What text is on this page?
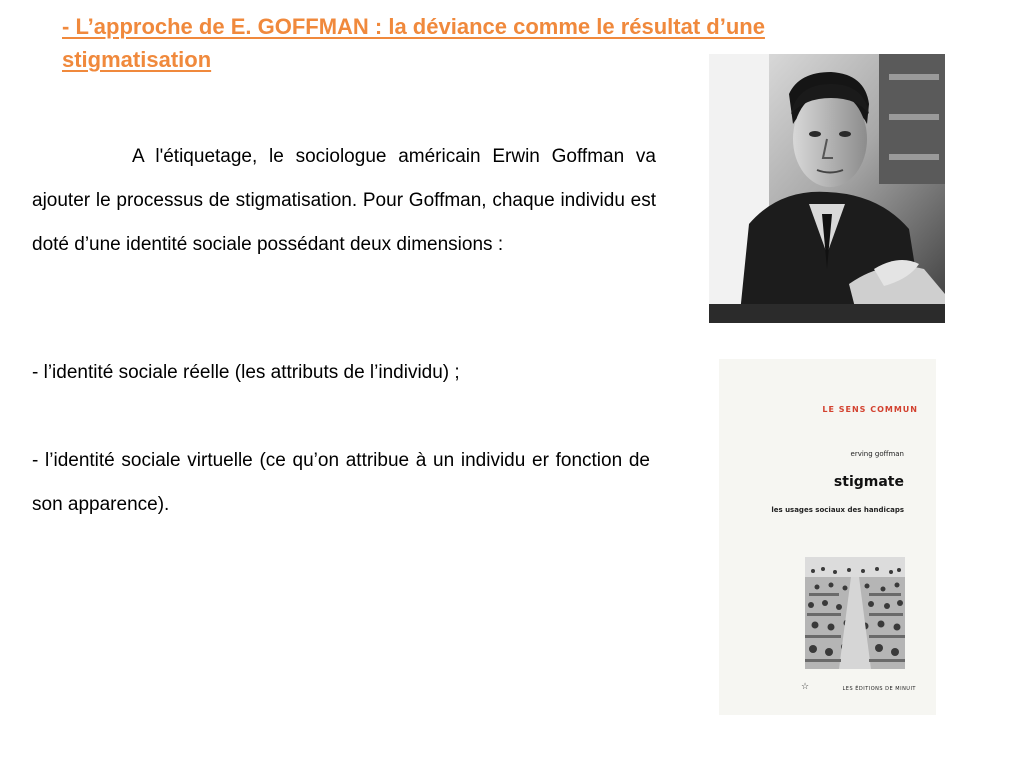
- L’approche de E. GOFFMAN : la déviance comme le résultat d’une stigmatisation

A l'étiquetage, le sociologue américain Erwin Goffman va ajouter le processus de stigmatisation. Pour Goffman, chaque individu est doté d’une identité sociale possédant deux dimensions :

- l’identité sociale réelle (les attributs de l’individu) ;

- l’identité sociale virtuelle (ce qu’on attribue à un individu er fonction de son apparence).

LE SENS COMMUN
erving goffman
stigmate
les usages sociaux des handicaps
☆	LES ÉDITIONS DE MINUIT
